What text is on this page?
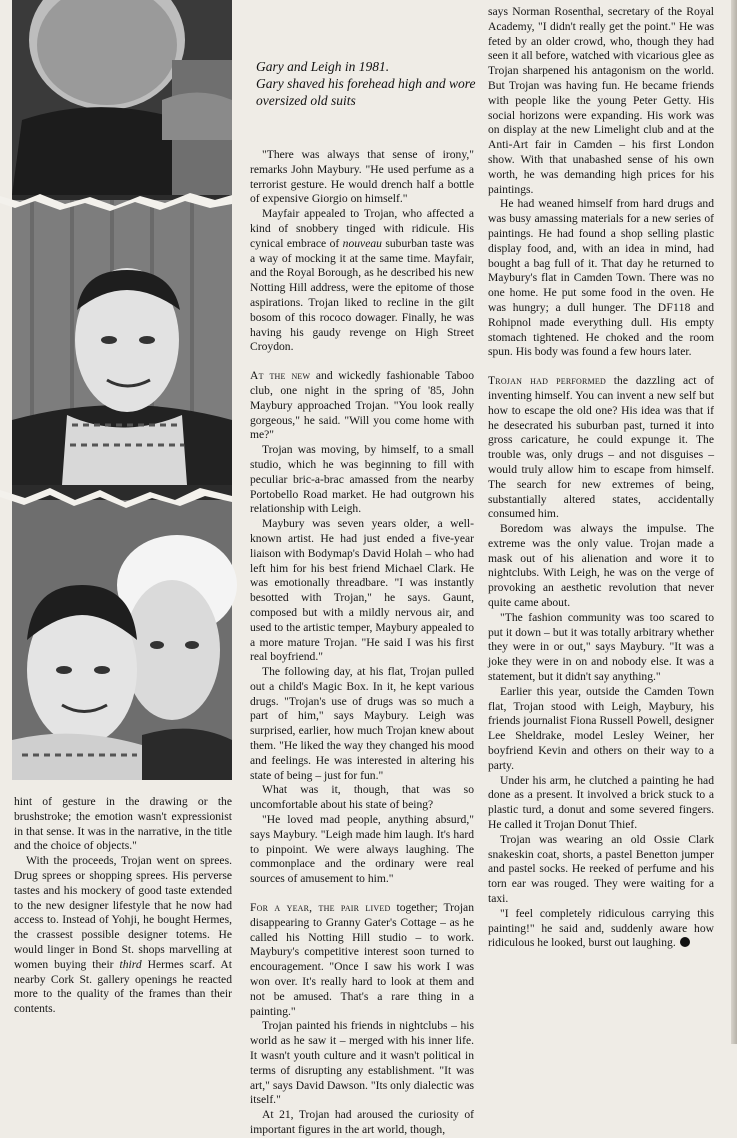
Gary and Leigh in 1981.
Gary shaved his forehead high and wore
oversized old suits

hint of gesture in the drawing or the brushstroke; the emotion wasn't expressionist in that sense. It was in the narrative, in the title and the choice of objects."

With the proceeds, Trojan went on sprees. Drug sprees or shopping sprees. His perverse tastes and his mockery of good taste extended to the new designer lifestyle that he now had access to. Instead of Yohji, he bought Hermes, the crassest possible designer totems. He would linger in Bond St. shops marvelling at women buying their third Hermes scarf. At nearby Cork St. gallery openings he reacted more to the quality of the frames than their contents.

"There was always that sense of irony," remarks John Maybury. "He used perfume as a terrorist gesture. He would drench half a bottle of expensive Giorgio on himself."

Mayfair appealed to Trojan, who affected a kind of snobbery tinged with ridicule. His cynical embrace of nouveau suburban taste was a way of mocking it at the same time. Mayfair, and the Royal Borough, as he described his new Notting Hill address, were the epitome of those aspirations. Trojan liked to recline in the gilt bosom of this rococo dowager. Finally, he was having his gaudy revenge on High Street Croydon.

At the new and wickedly fashionable Taboo club, one night in the spring of '85, John Maybury approached Trojan. "You look really gorgeous," he said. "Will you come home with me?"

Trojan was moving, by himself, to a small studio, which he was beginning to fill with peculiar bric-a-brac amassed from the nearby Portobello Road market. He had outgrown his relationship with Leigh.

Maybury was seven years older, a well-known artist. He had just ended a five-year liaison with Bodymap's David Holah – who had left him for his best friend Michael Clark. He was emotionally threadbare. "I was instantly besotted with Trojan," he says. Gaunt, composed but with a mildly nervous air, and used to the artistic temper, Maybury appealed to a more mature Trojan. "He said I was his first real boyfriend."

The following day, at his flat, Trojan pulled out a child's Magic Box. In it, he kept various drugs. "Trojan's use of drugs was so much a part of him," says Maybury. Leigh was surprised, earlier, how much Trojan knew about them. "He liked the way they changed his mood and feelings. He was interested in altering his state of being – just for fun."

What was it, though, that was so uncomfortable about his state of being?

"He loved mad people, anything absurd," says Maybury. "Leigh made him laugh. It's hard to pinpoint. We were always laughing. The commonplace and the ordinary were real sources of amusement to him."

For a year, the pair lived together; Trojan disappearing to Granny Gater's Cottage – as he called his Notting Hill studio – to work. Maybury's competitive interest soon turned to encouragement. "Once I saw his work I was won over. It's really hard to look at them and not be amused. That's a rare thing in a painting."

Trojan painted his friends in nightclubs – his world as he saw it – merged with his inner life. It wasn't youth culture and it wasn't political in terms of disrupting any establishment. "It was art," says David Dawson. "Its only dialectic was itself."

At 21, Trojan had aroused the curiosity of important figures in the art world, though,

says Norman Rosenthal, secretary of the Royal Academy, "I didn't really get the point." He was feted by an older crowd, who, though they had seen it all before, watched with vicarious glee as Trojan sharpened his antagonism on the world. But Trojan was having fun. He became friends with people like the young Peter Getty. His social horizons were expanding. His work was on display at the new Limelight club and at the Anti-Art fair in Camden – his first London show. With that unabashed sense of his own worth, he was demanding high prices for his paintings.

He had weaned himself from hard drugs and was busy amassing materials for a new series of paintings. He had found a shop selling plastic display food, and, with an idea in mind, had bought a bag full of it. That day he returned to Maybury's flat in Camden Town. There was no one home. He put some food in the oven. He was hungry; a dull hunger. The DF118 and Rohipnol made everything dull. His empty stomach tightened. He choked and the room spun. His body was found a few hours later.

Trojan had performed the dazzling act of inventing himself. You can invent a new self but how to escape the old one? His idea was that if he desecrated his suburban past, turned it into gross caricature, he could expunge it. The trouble was, only drugs – and not disguises – would truly allow him to escape from himself. The search for new extremes of being, substantially altered states, accidentally consumed him.

Boredom was always the impulse. The extreme was the only value. Trojan made a mask out of his alienation and wore it to nightclubs. With Leigh, he was on the verge of provoking an aesthetic revolution that never quite came about.

"The fashion community was too scared to put it down – but it was totally arbitrary whether they were in or out," says Maybury. "It was a joke they were in on and nobody else. It was a statement, but it didn't say anything."

Earlier this year, outside the Camden Town flat, Trojan stood with Leigh, Maybury, his friends journalist Fiona Russell Powell, designer Lee Sheldrake, model Lesley Weiner, her boyfriend Kevin and others on their way to a party.

Under his arm, he clutched a painting he had done as a present. It involved a brick stuck to a plastic turd, a donut and some severed fingers. He called it Trojan Donut Thief.

Trojan was wearing an old Ossie Clark snakeskin coat, shorts, a pastel Benetton jumper and pastel socks. He reeked of perfume and his torn ear was rouged. They were waiting for a taxi.

"I feel completely ridiculous carrying this painting!" he said and, suddenly aware how ridiculous he looked, burst out laughing.
